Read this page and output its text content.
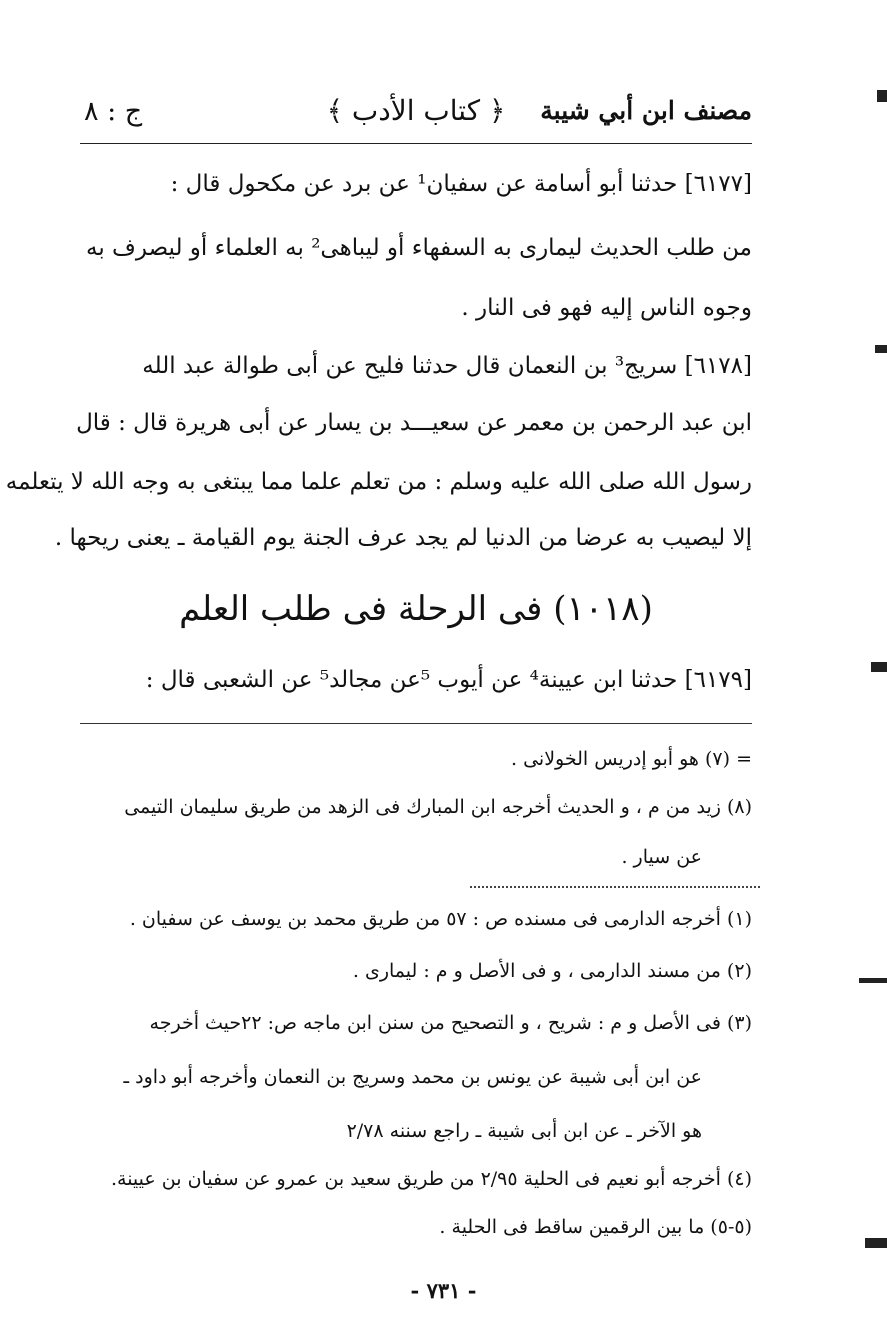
مصنف ابن أبي شيبة
﴿ كتاب الأدب ﴾
ج : ٨
[٦١٧٧] حدثنا أبو أسامة عن سفيان¹ عن برد عن مكحول قال :
من طلب الحديث ليمارى به السفهاء أو ليباهى² به العلماء أو ليصرف به
وجوه الناس إليه فهو فى النار .
[٦١٧٨] سريج³ بن النعمان قال حدثنا فليح عن أبى طوالة عبد الله
ابن عبد الرحمن بن معمر عن سعيـــد بن يسار عن أبى هريرة قال : قال
رسول الله صلى الله عليه وسلم : من تعلم علما مما يبتغى به وجه الله لا يتعلمه
إلا ليصيب به عرضا من الدنيا لم يجد عرف الجنة يوم القيامة ـ يعنى ريحها .
(١٠١٨) فى الرحلة فى طلب العلم
[٦١٧٩] حدثنا ابن عيينة⁴ عن أيوب ⁵عن مجالد⁵ عن الشعبى قال :
= (٧) هو أبو إدريس الخولانى .
(٨) زيد من م ، و الحديث أخرجه ابن المبارك فى الزهد من طريق سليمان التيمى
عن سيار .
(١) أخرجه الدارمى فى مسنده ص : ٥٧ من طريق محمد بن يوسف عن سفيان .
(٢) من مسند الدارمى ، و فى الأصل و م : ليمارى .
(٣) فى الأصل و م : شريح ، و التصحيح من سنن ابن ماجه ص: ٢٢حيث أخرجه
عن ابن أبى شيبة عن يونس بن محمد وسريج بن النعمان وأخرجه أبو داود ـ
هو الآخر ـ عن ابن أبى شيبة ـ راجع سننه ٢/٧٨
(٤) أخرجه أبو نعيم فى الحلية ٢/٩٥ من طريق سعيد بن عمرو عن سفيان بن عيينة.
(٥-٥) ما بين الرقمين ساقط فى الحلية .
- ٧٣١ -
